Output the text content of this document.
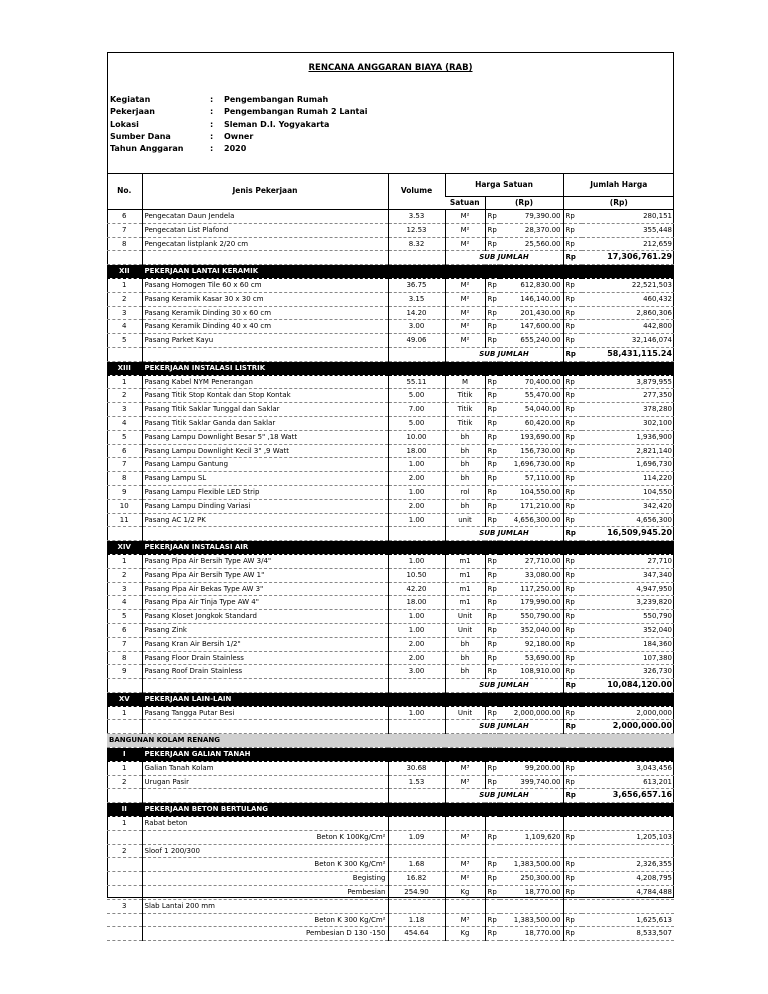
RENCANA ANGGARAN BIAYA (RAB)
Kegiatan	: Pengembangan Rumah
Pekerjaan	: Pengembangan Rumah 2 Lantai
Lokasi	: Sleman D.I. Yogyakarta
Sumber Dana	: Owner
Tahun Anggaran	: 2020
No.	Jenis Pekerjaan	Volume	Harga Satuan			Jumlah Harga	
			Satuan	(Rp)		(Rp)	
6	Pengecatan Daun Jendela	3.53	M²	Rp	79,390.00	Rp	280,151
7	Pengecatan List Plafond	12.53	M²	Rp	28,370.00	Rp	355,448
8	Pengecatan listplank 2/20 cm	8.32	M²	Rp	25,560.00	Rp	212,659
			SUB JUMLAH			Rp	17,306,761.29
XII	PEKERJAAN LANTAI KERAMIK						
1	Pasang Homogen Tile 60 x 60 cm	36.75	M²	Rp	612,830.00	Rp	22,521,503
2	Pasang Keramik Kasar 30 x 30 cm	3.15	M²	Rp	146,140.00	Rp	460,432
3	Pasang Keramik Dinding 30 x 60 cm	14.20	M²	Rp	201,430.00	Rp	2,860,306
4	Pasang Keramik Dinding 40 x 40 cm	3.00	M²	Rp	147,600.00	Rp	442,800
5	Pasang Parket Kayu	49.06	M²	Rp	655,240.00	Rp	32,146,074
			SUB JUMLAH			Rp	58,431,115.24
XIII	PEKERJAAN INSTALASI LISTRIK						
1	Pasang Kabel NYM Penerangan	55.11	M	Rp	70,400.00	Rp	3,879,955
2	Pasang Titik Stop Kontak dan Stop Kontak	5.00	Titik	Rp	55,470.00	Rp	277,350
3	Pasang Titik Saklar Tunggal dan Saklar	7.00	Titik	Rp	54,040.00	Rp	378,280
4	Pasang Titik Saklar Ganda dan Saklar	5.00	Titik	Rp	60,420.00	Rp	302,100
5	Pasang Lampu Downlight Besar 5" ,18 Watt	10.00	bh	Rp	193,690.00	Rp	1,936,900
6	Pasang Lampu Downlight Kecil 3" ,9 Watt	18.00	bh	Rp	156,730.00	Rp	2,821,140
7	Pasang Lampu Gantung	1.00	bh	Rp	1,696,730.00	Rp	1,696,730
8	Pasang Lampu SL	2.00	bh	Rp	57,110.00	Rp	114,220
9	Pasang Lampu Flexible LED Strip	1.00	rol	Rp	104,550.00	Rp	104,550
10	Pasang Lampu Dinding Variasi	2.00	bh	Rp	171,210.00	Rp	342,420
11	Pasang AC 1/2 PK	1.00	unit	Rp	4,656,300.00	Rp	4,656,300
			SUB JUMLAH			Rp	16,509,945.20
XIV	PEKERJAAN INSTALASI AIR						
1	Pasang Pipa Air Bersih Type AW 3/4"	1.00	m1	Rp	27,710.00	Rp	27,710
2	Pasang Pipa Air Bersih Type AW 1"	10.50	m1	Rp	33,080.00	Rp	347,340
3	Pasang Pipa Air Bekas Type AW 3"	42.20	m1	Rp	117,250.00	Rp	4,947,950
4	Pasang Pipa Air Tinja Type AW 4"	18.00	m1	Rp	179,990.00	Rp	3,239,820
5	Pasang Kloset Jongkok Standard	1.00	Unit	Rp	550,790.00	Rp	550,790
6	Pasang Zink	1.00	Unit	Rp	352,040.00	Rp	352,040
7	Pasang Kran Air Bersih 1/2"	2.00	bh	Rp	92,180.00	Rp	184,360
8	Pasang Floor Drain Stainless	2.00	bh	Rp	53,690.00	Rp	107,380
9	Pasang Roof Drain Stainless	3.00	bh	Rp	108,910.00	Rp	326,730
			SUB JUMLAH			Rp	10,084,120.00
XV	PEKERJAAN LAIN-LAIN						
1	Pasang Tangga Putar Besi	1.00	Unit	Rp	2,000,000.00	Rp	2,000,000
			SUB JUMLAH			Rp	2,000,000.00
BANGUNAN KOLAM RENANG							
I	PEKERJAAN GALIAN TANAH						
1	Galian Tanah Kolam	30.68	M³	Rp	99,200.00	Rp	3,043,456
2	Urugan Pasir	1.53	M³	Rp	399,740.00	Rp	613,201
			SUB JUMLAH			Rp	3,656,657.16
II	PEKERJAAN BETON BERTULANG						
1	Rabat beton						
	Beton K 100Kg/Cm²	1.09	M³	Rp	1,109,620	Rp	1,205,103
2	Sloof 1 200/300						
	Beton K 300 Kg/Cm²	1.68	M³	Rp	1,383,500.00	Rp	2,326,355
	Begisting	16.82	M²	Rp	250,300.00	Rp	4,208,795
	Pembesian	254.90	Kg	Rp	18,770.00	Rp	4,784,488
3	Slab Lantai 200 mm						
	Beton K 300 Kg/Cm²	1.18	M³	Rp	1,383,500.00	Rp	1,625,613
	Pembesian D 130 -150	454.64	Kg	Rp	18,770.00	Rp	8,533,507
